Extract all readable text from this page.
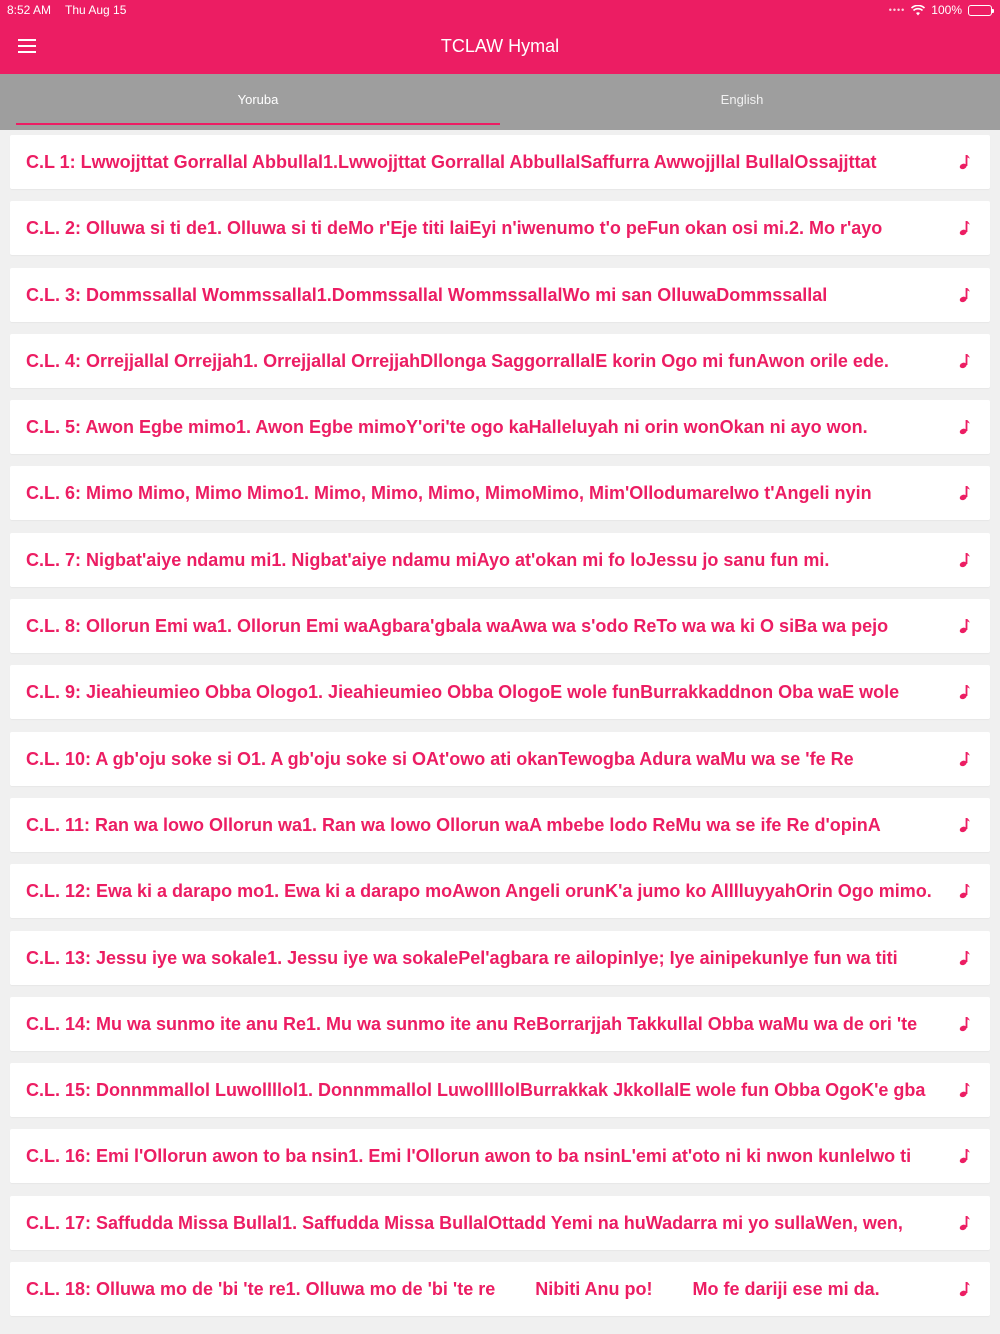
8:52 AM Thu Aug 15	•••• 100%
TCLAW Hymal
Yoruba	English
C.L 1: Lwwojjttat Gorrallal Abbullal1.Lwwojjttat Gorrallal AbbullalSaffurra Awwojjllal BullalOssajjttat
C.L. 2: Olluwa si ti de1. Olluwa si ti deMo r'Eje titi laiEyi n'iwenumo t'o peFun okan osi mi.2. Mo r'ayo
C.L. 3: Dommssallal Wommssallal1.Dommssallal WommssallalWo mi san OlluwaDommssallal
C.L. 4: Orrejjallal Orrejjah1. Orrejjallal OrrejjahDllonga SaggorrallalE korin Ogo mi funAwon orile ede.
C.L. 5: Awon Egbe mimo1. Awon Egbe mimoY'ori'te ogo kaHalleluyah ni orin wonOkan ni ayo won.
C.L. 6: Mimo Mimo, Mimo Mimo1. Mimo, Mimo, Mimo, MimoMimo, Mim'OllodumareIwo t'Angeli nyin
C.L. 7: Nigbat'aiye ndamu mi1. Nigbat'aiye ndamu miAyo at'okan mi fo loJessu jo sanu fun mi.
C.L. 8: Ollorun Emi wa1. Ollorun Emi waAgbara'gbala waAwa wa s'odo ReTo wa wa ki O siBa wa pejo
C.L. 9: Jieahieumieo Obba Ologo1. Jieahieumieo Obba OlogoE wole funBurrakkaddnon Oba waE wole
C.L. 10: A gb'oju soke si O1. A gb'oju soke si OAt'owo ati okanTewogba Adura waMu wa se 'fe Re
C.L. 11: Ran wa lowo Ollorun wa1. Ran wa lowo Ollorun waA mbebe lodo ReMu wa se ife Re d'opinA
C.L. 12: Ewa ki a darapo mo1. Ewa ki a darapo moAwon Angeli orunK'a jumo ko AlllluyyahOrin Ogo mimo.
C.L. 13: Jessu iye wa sokale1. Jessu iye wa sokalePel'agbara re ailopinIye; Iye ainipekunIye fun wa titi
C.L. 14: Mu wa sunmo ite anu Re1. Mu wa sunmo ite anu ReBorrarjjah Takkullal Obba waMu wa de ori 'te
C.L. 15: Donnmmallol Luwollllol1. Donnmmallol LuwollllolBurrakkak JkkollalE wole fun Obba OgoK'e gba
C.L. 16: Emi l'Ollorun awon to ba nsin1. Emi l'Ollorun awon to ba nsinL'emi at'oto ni ki nwon kunleIwo ti
C.L. 17: Saffudda Missa Bullal1. Saffudda Missa BullalOttadd Yemi na huWadarra mi yo sullaWen, wen,
C.L. 18: Olluwa mo de 'bi 'te re1. Olluwa mo de 'bi 'te re        Nibiti Anu po!        Mo fe dariji ese mi da.
